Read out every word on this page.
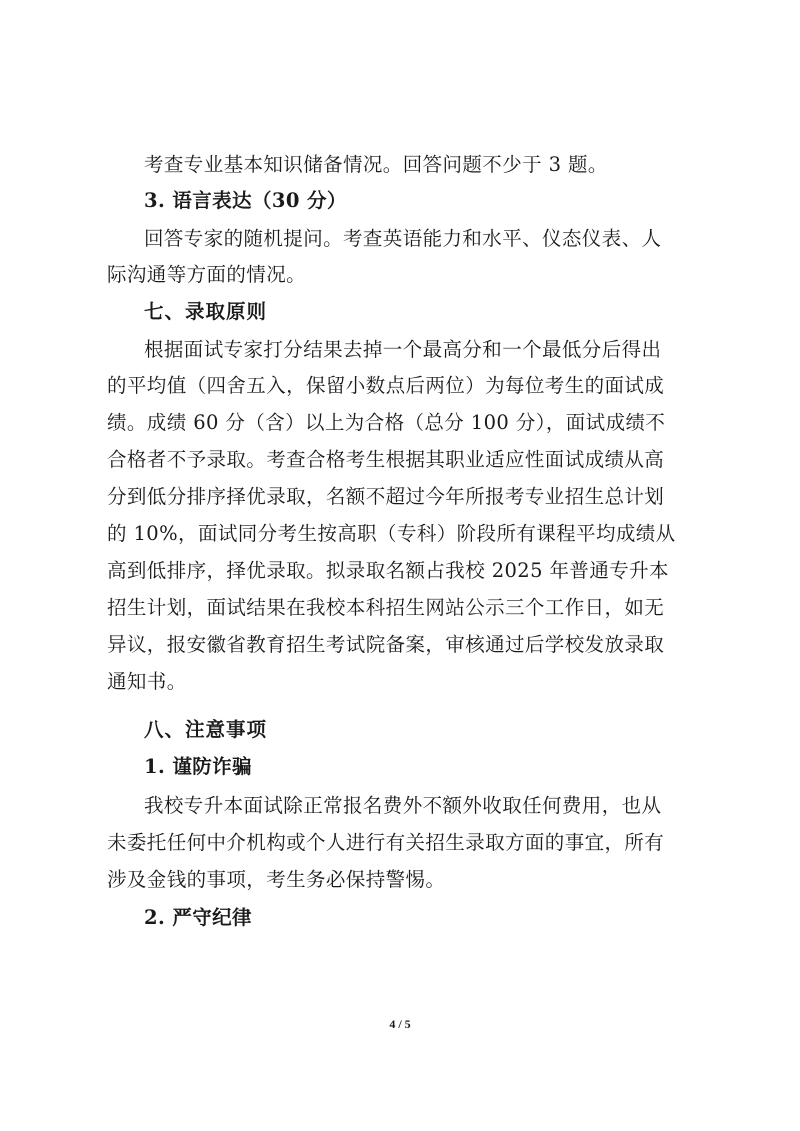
考查专业基本知识储备情况。回答问题不少于 3 题。
3. 语言表达（30 分）
回答专家的随机提问。考查英语能力和水平、仪态仪表、人
际沟通等方面的情况。
七、录取原则
根据面试专家打分结果去掉一个最高分和一个最低分后得出
的平均值（四舍五入，保留小数点后两位）为每位考生的面试成
绩。成绩 60 分（含）以上为合格（总分 100 分），面试成绩不
合格者不予录取。考查合格考生根据其职业适应性面试成绩从高
分到低分排序择优录取，名额不超过今年所报考专业招生总计划
的 10%，面试同分考生按高职（专科）阶段所有课程平均成绩从
高到低排序，择优录取。拟录取名额占我校 2025 年普通专升本
招生计划，面试结果在我校本科招生网站公示三个工作日，如无
异议，报安徽省教育招生考试院备案，审核通过后学校发放录取
通知书。
八、注意事项
1. 谨防诈骗
我校专升本面试除正常报名费外不额外收取任何费用，也从
未委托任何中介机构或个人进行有关招生录取方面的事宜，所有
涉及金钱的事项，考生务必保持警惕。
2. 严守纪律
4 / 5
